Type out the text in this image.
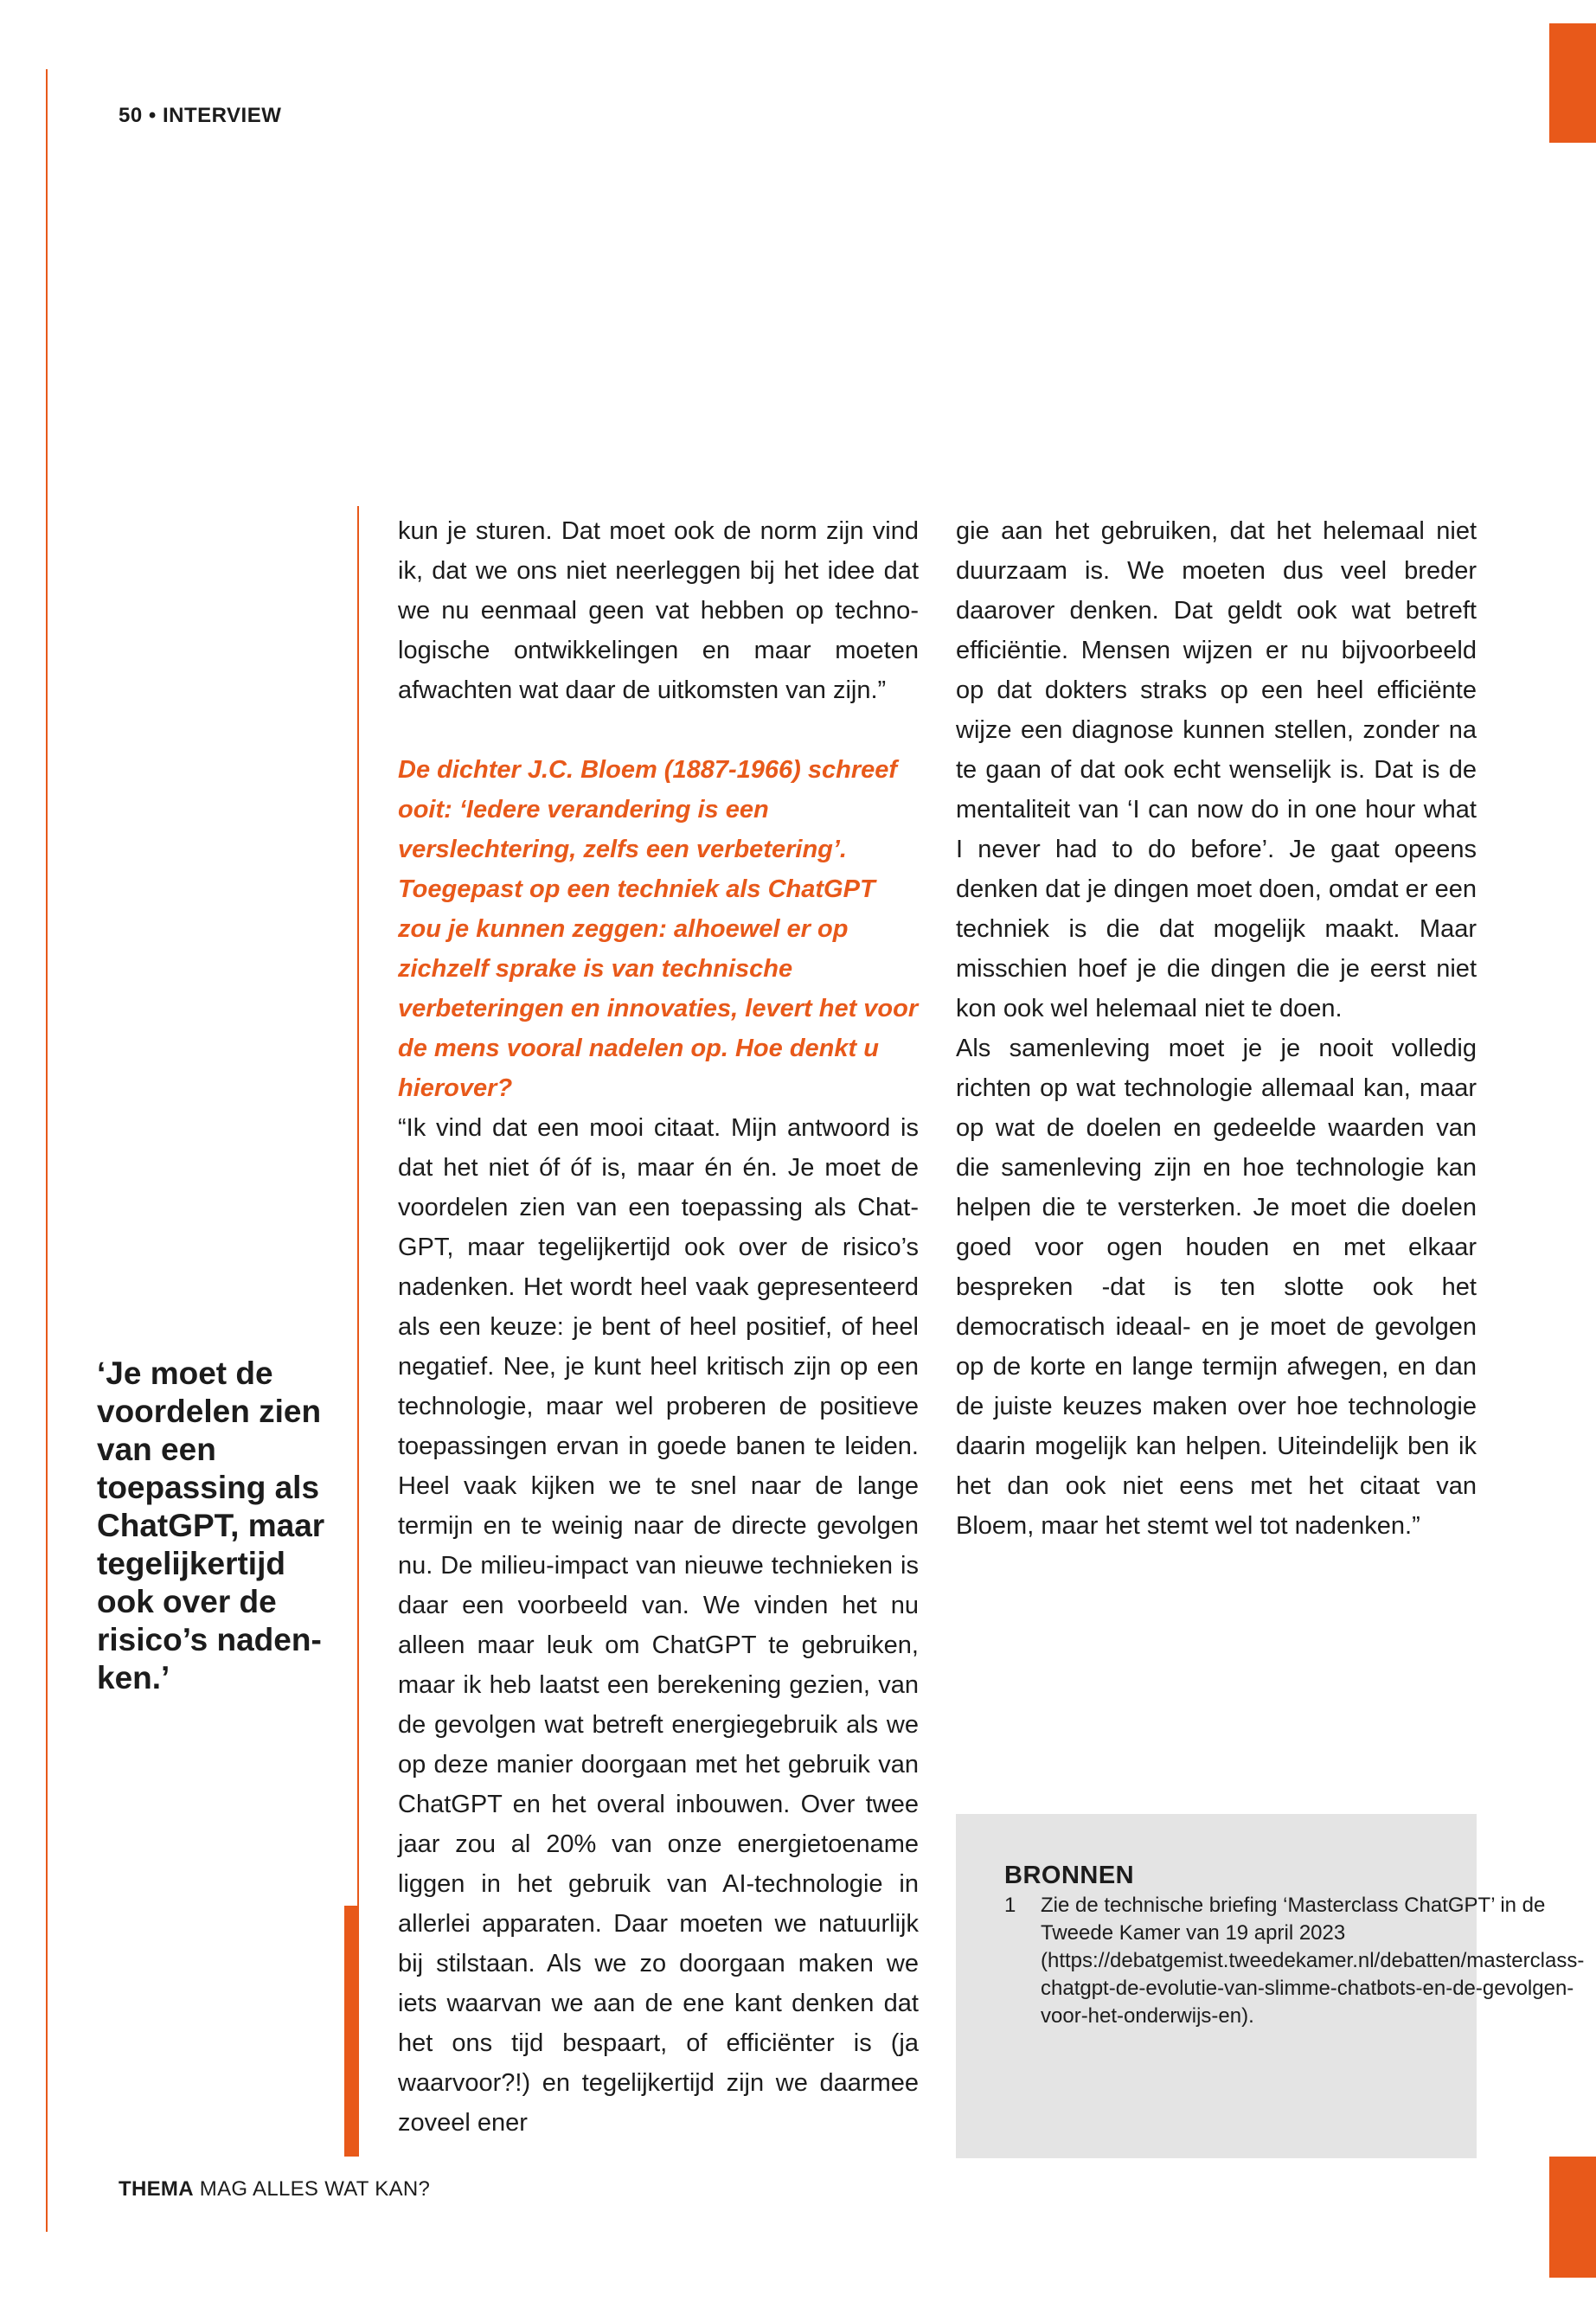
50 • INTERVIEW
‘Je moet de voordelen zien van een toepassing als ChatGPT, maar tegelijkertijd ook over de risico’s nadenken.’

kun je sturen. Dat moet ook de norm zijn vind ik, dat we ons niet neerleggen bij het idee dat we nu eenmaal geen vat hebben op technologische ontwikkelingen en maar moeten afwachten wat daar de uitkomsten van zijn.”

De dichter J.C. Bloem (1887-1966) schreef ooit: ‘Iedere verandering is een verslechtering, zelfs een verbetering’. Toegepast op een techniek als ChatGPT zou je kunnen zeggen: alhoewel er op zichzelf sprake is van technische verbeteringen en innovaties, levert het voor de mens vooral nadelen op. Hoe denkt u hierover?

“Ik vind dat een mooi citaat. Mijn antwoord is dat het niet óf óf is, maar én én. Je moet de voordelen zien van een toepassing als ChatGPT, maar tegelijkertijd ook over de risico’s nadenken. Het wordt heel vaak gepresenteerd als een keuze: je bent of heel positief, of heel negatief. Nee, je kunt heel kritisch zijn op een technologie, maar wel proberen de positieve toepassingen ervan in goede banen te leiden. Heel vaak kijken we te snel naar de lange termijn en te weinig naar de directe gevolgen nu. De milieu-impact van nieuwe technieken is daar een voorbeeld van. We vinden het nu alleen maar leuk om ChatGPT te gebruiken, maar ik heb laatst een berekening gezien, van de gevolgen wat betreft energiegebruik als we op deze manier doorgaan met het gebruik van ChatGPT en het overal inbouwen. Over twee jaar zou al 20% van onze energietoename liggen in het gebruik van AI-technologie in allerlei apparaten. Daar moeten we natuurlijk bij stilstaan. Als we zo doorgaan maken we iets waarvan we aan de ene kant denken dat het ons tijd bespaart, of efficiënter is (ja waarvoor?!) en tegelijkertijd zijn we daarmee zoveel ener

gie aan het gebruiken, dat het helemaal niet duurzaam is. We moeten dus veel breder daarover denken. Dat geldt ook wat betreft efficiëntie. Mensen wijzen er nu bijvoorbeeld op dat dokters straks op een heel efficiënte wijze een diagnose kunnen stellen, zonder na te gaan of dat ook echt wenselijk is. Dat is de mentaliteit van ‘I can now do in one hour what I never had to do before’. Je gaat opeens denken dat je dingen moet doen, omdat er een techniek is die dat mogelijk maakt. Maar misschien hoef je die dingen die je eerst niet kon ook wel helemaal niet te doen.

Als samenleving moet je je nooit volledig richten op wat technologie allemaal kan, maar op wat de doelen en gedeelde waarden van die samenleving zijn en hoe technologie kan helpen die te versterken. Je moet die doelen goed voor ogen houden en met elkaar bespreken -dat is ten slotte ook het democratisch ideaal- en je moet de gevolgen op de korte en lange termijn afwegen, en dan de juiste keuzes maken over hoe technologie daarin mogelijk kan helpen. Uiteindelijk ben ik het dan ook niet eens met het citaat van Bloem, maar het stemt wel tot nadenken.”

BRONNEN
1	Zie de technische briefing ‘Masterclass ChatGPT’ in de Tweede Kamer van 19 april 2023 (https://debatgemist.tweedekamer.nl/debatten/masterclass-chatgpt-de-evolutie-van-slimme-chatbots-en-de-gevolgen-voor-het-onderwijs-en).
THEMA MAG ALLES WAT KAN?
